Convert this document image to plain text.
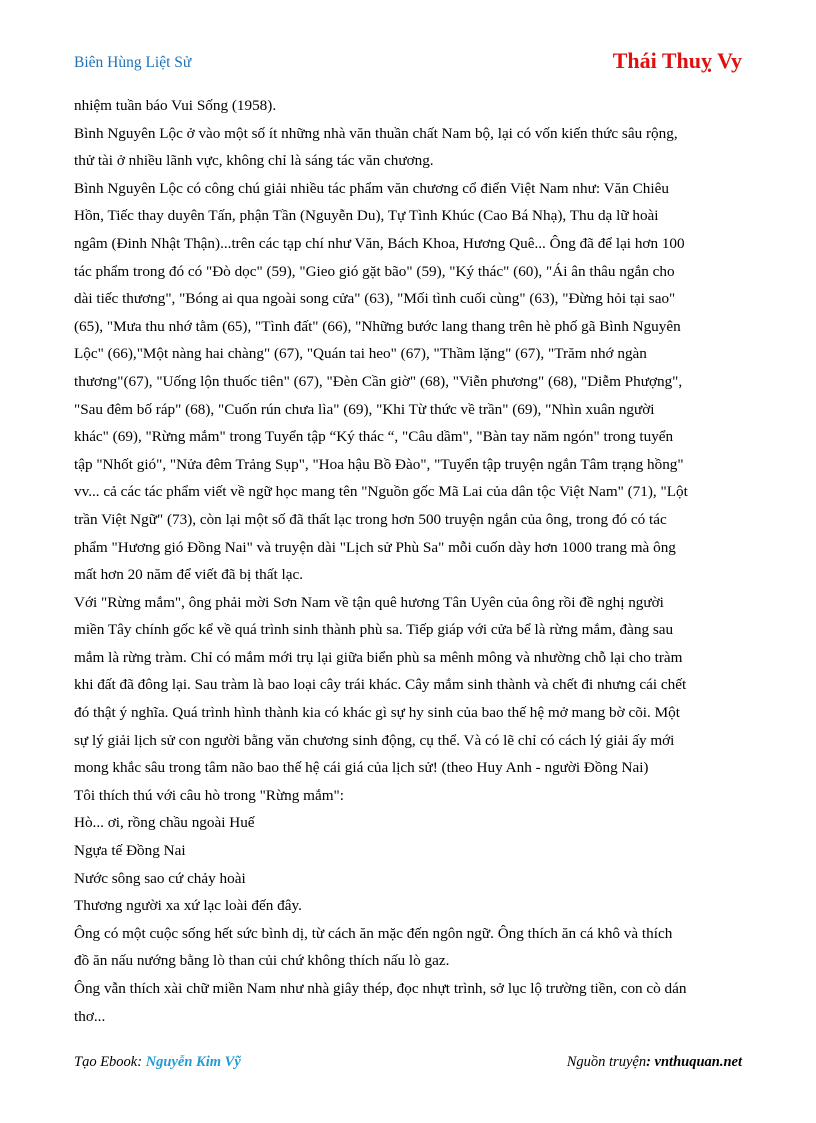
Biên Hùng Liệt Sử	Thái Thuỵ Vy

nhiệm tuần báo Vui Sống (1958).

Bình Nguyên Lộc ở vào một số ít những nhà văn thuần chất Nam bộ, lại có vốn kiến thức sâu rộng,

thử tài ở nhiều lãnh vực, không chỉ là sáng tác văn chương.

Bình Nguyên Lộc có công chú giải nhiều tác phẩm văn chương cổ điển Việt Nam như: Văn Chiêu

Hồn, Tiếc thay duyên Tấn, phận Tần (Nguyễn Du), Tự Tình Khúc (Cao Bá Nhạ), Thu dạ lữ hoài

ngâm (Đinh Nhật Thận)...trên các tạp chí như Văn, Bách Khoa, Hương Quê... Ông đã để lại hơn 100

tác phẩm trong đó có "Đò dọc" (59), "Gieo gió gặt bão" (59), "Ký thác" (60), "Ái ân thâu ngắn cho

dài tiếc thương", "Bóng ai qua ngoài song cửa" (63), "Mối tình cuối cùng" (63), "Đừng hỏi tại sao"

(65), "Mưa thu nhớ tằm (65), "Tình đất" (66), "Những bước lang thang trên hè phố gã Bình Nguyên

Lộc" (66),"Một nàng hai chàng" (67), "Quán tai heo" (67), "Thầm lặng" (67), "Trăm nhớ ngàn

thương"(67), "Uống lộn thuốc tiên" (67), "Đèn Cần giờ" (68), "Viễn phương" (68), "Diễm Phượng",

"Sau đêm bố ráp" (68), "Cuốn rún chưa lìa" (69), "Khi Từ thức về trần" (69), "Nhìn xuân người

khác" (69), "Rừng mắm" trong Tuyển tập “Ký thác “, "Câu dầm", "Bàn tay năm ngón" trong tuyển

tập "Nhốt gió", "Nửa đêm Trảng Sụp", "Hoa hậu Bồ Đào", "Tuyển tập truyện ngắn Tâm trạng hồng"

vv... cả các tác phẩm viết về ngữ học mang tên "Nguồn gốc Mã Lai của dân tộc Việt Nam" (71), "Lột

trần Việt Ngữ" (73), còn lại một số đã thất lạc trong hơn 500 truyện ngắn của ông, trong đó có tác

phẩm "Hương gió Đồng Nai" và truyện dài "Lịch sử Phù Sa" mỗi cuốn dày hơn 1000 trang mà ông

mất hơn 20 năm để viết đã bị thất lạc.

Với "Rừng mắm", ông phải mời Sơn Nam về tận quê hương Tân Uyên của ông rồi đề nghị người

miền Tây chính gốc kể về quá trình sinh thành phù sa. Tiếp giáp với cửa bể là rừng mắm, đàng sau

mắm là rừng tràm. Chỉ có mắm mới trụ lại giữa biển phù sa mênh mông và nhường chỗ lại cho tràm

khi đất đã đông lại. Sau tràm là bao loại cây trái khác. Cây mắm sinh thành và chết đi nhưng cái chết

đó thật ý nghĩa. Quá trình hình thành kia có khác gì sự hy sinh của bao thế hệ mở mang bờ cõi. Một

sự lý giải lịch sử con người bằng văn chương sinh động, cụ thể. Và có lẽ chỉ có cách lý giải ấy mới

mong khắc sâu trong tâm não bao thế hệ cái giá của lịch sử! (theo Huy Anh - người Đồng Nai)

Tôi thích thú với câu hò trong "Rừng mắm":

Hò... ơi, rồng chầu ngoài Huế

Ngựa tế Đồng Nai

Nước sông sao cứ chảy hoài

Thương người xa xứ lạc loài đến đây.

Ông có một cuộc sống hết sức bình dị, từ cách ăn mặc đến ngôn ngữ. Ông thích ăn cá khô và thích

đồ ăn nấu nướng bằng lò than củi chứ không thích nấu lò gaz.

Ông vẫn thích xài chữ miền Nam như nhà giây thép, đọc nhựt trình, sở lục lộ trường tiền, con cò dán

thơ...

Tạo Ebook: Nguyễn Kim Vỹ	Nguồn truyện: vnthuquan.net
